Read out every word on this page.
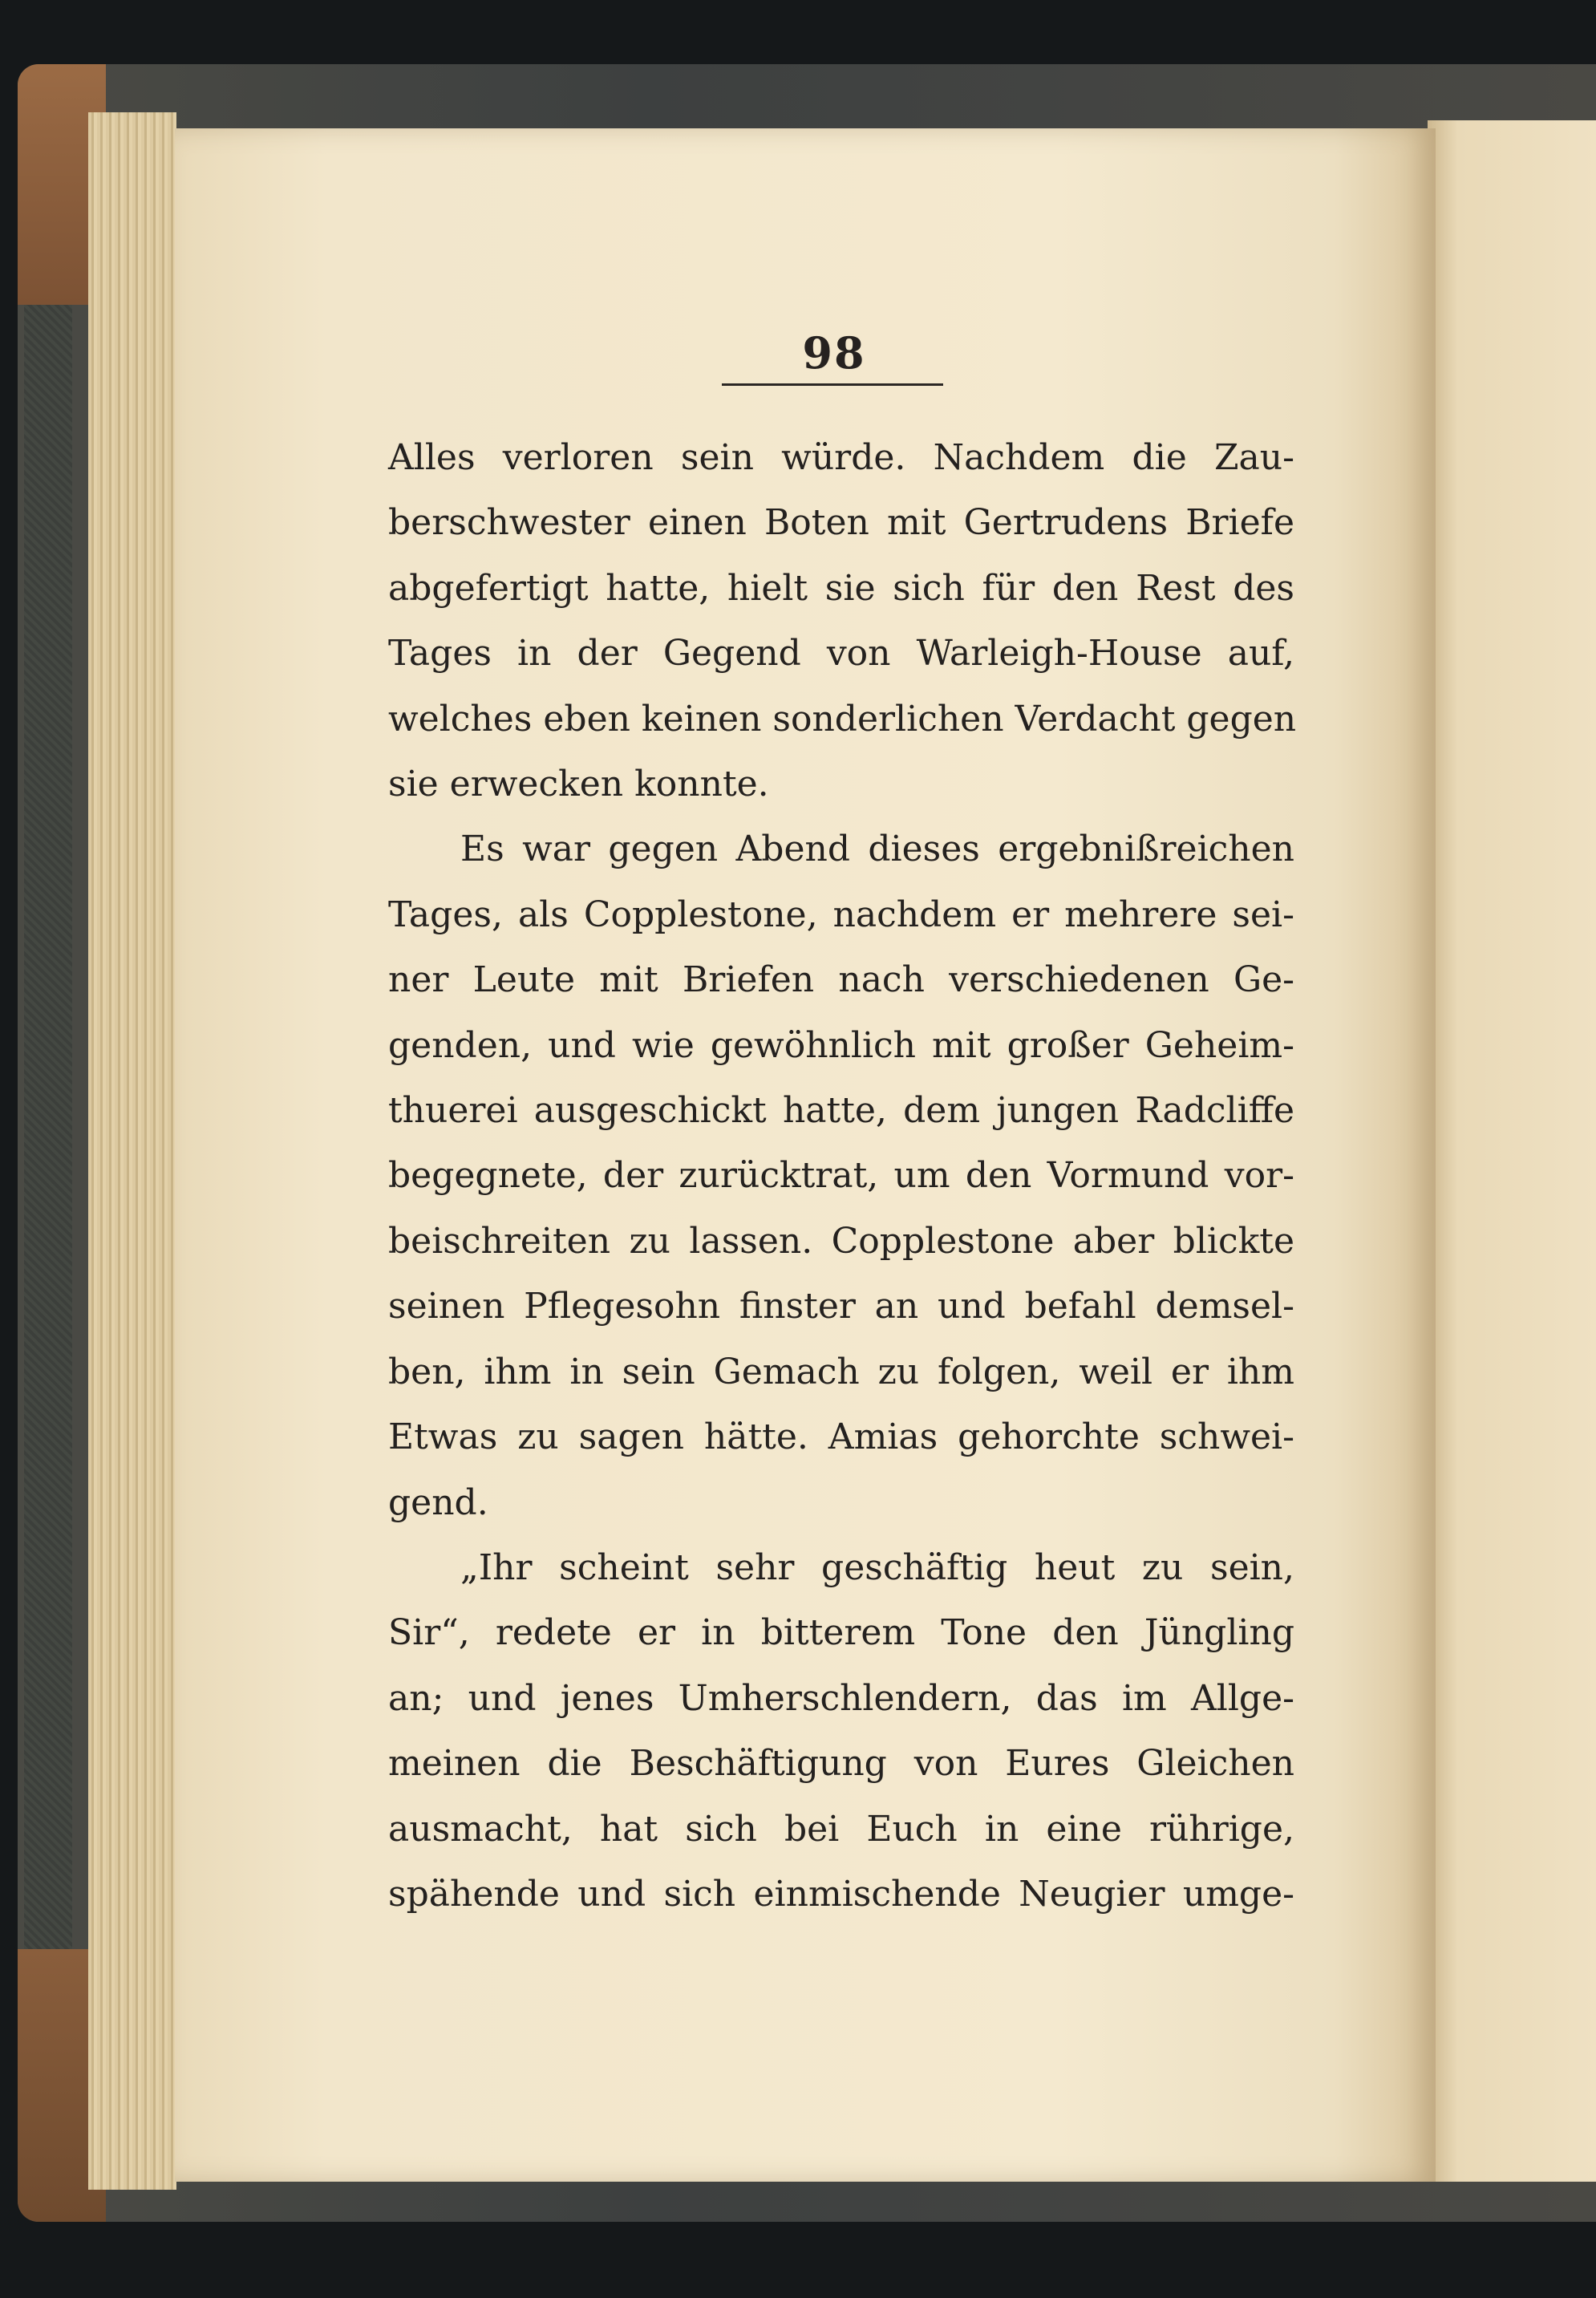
98
Alles verloren sein würde. Nachdem die Zau-
berschwester einen Boten mit Gertrudens Briefe
abgefertigt hatte, hielt sie sich für den Rest des
Tages in der Gegend von Warleigh-House auf,
welches eben keinen sonderlichen Verdacht gegen
sie erwecken konnte.
Es war gegen Abend dieses ergebnißreichen
Tages, als Copplestone, nachdem er mehrere sei-
ner Leute mit Briefen nach verschiedenen Ge-
genden, und wie gewöhnlich mit großer Geheim-
thuerei ausgeschickt hatte, dem jungen Radcliffe
begegnete, der zurücktrat, um den Vormund vor-
beischreiten zu lassen. Copplestone aber blickte
seinen Pflegesohn finster an und befahl demsel-
ben, ihm in sein Gemach zu folgen, weil er ihm
Etwas zu sagen hätte. Amias gehorchte schwei-
gend.
„Ihr scheint sehr geschäftig heut zu sein,
Sir“, redete er in bitterem Tone den Jüngling
an; und jenes Umherschlendern, das im Allge-
meinen die Beschäftigung von Eures Gleichen
ausmacht, hat sich bei Euch in eine rührige,
spähende und sich einmischende Neugier umge-
